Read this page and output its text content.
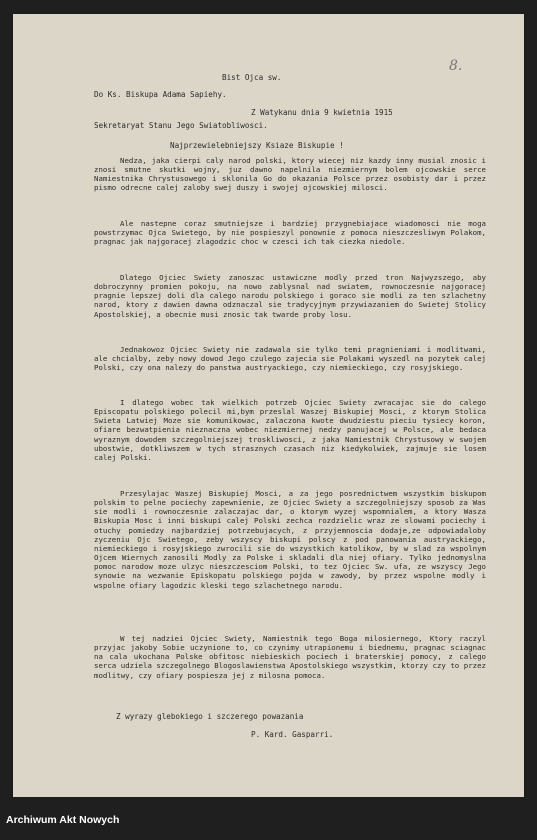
8.
Bist Ojca sw.
Do Ks. Biskupa Adama Sapiehy.
Z Watykanu dnia 9 kwietnia 1915
Sekretaryat Stanu Jego Swiatobliwosci.
Najprzewielebniejszy Ksiaze Biskupie !
Nedza, jaka cierpi caly narod polski, ktory wiecej niz kazdy inny musial znosic i znosi smutne skutki wojny, juz dawno napelnila niezmiernym bolem ojcowskie serce Namiestnika Chrystusowego i sklonila Go do okazania Polsce przez osobisty dar i przez pismo odrecne calej zaloby swej duszy i swojej ojcowskiej milosci.
Ale nastepne coraz smutniejsze i bardziej przygnebiajace wiadomosci nie moga powstrzymac Ojca Swietego, by nie pospieszyl ponownie z pomoca nieszczesliwym Polakom, pragnac jak najgoracej zlagodzic choc w czesci ich tak ciezka niedole.
Dlatego Ojciec Swiety zanoszac ustawiczne modly przed tron Najwyzszego, aby dobroczynny promien pokoju, na nowo zablysnal nad swiatem, rownoczesnie najgoracej pragnie lepszej doli dla calego narodu polskiego i goraco sie modli za ten szlachetny narod, ktory z dawien dawna odznaczal sie tradycyjnym przywiazaniem do Swietej Stolicy Apostolskiej, a obecnie musi znosic tak twarde proby losu.
Jednakowoz Ojciec Swiety nie zadawala sie tylko temi pragnieniami i modlitwami, ale chcialby, zeby nowy dowod Jego czulego zajecia sie Polakami wyszedl na pozytek calej Polski, czy ona nalezy do panstwa austryackiego, czy niemieckiego, czy rosyjskiego.
I dlatego wobec tak wielkich potrzeb Ojciec Swiety zwracajac sie do calego Episcopatu polskiego polecil mi,bym przeslal Waszej Biskupiej Mosci, z ktorym Stolica Swieta Latwiej Moze sie komunikowac, zalaczona kwote dwudziestu pieciu tysiecy koron, ofiare bezwatpienia nieznaczna wobec niezmiernej nedzy panujacej w Polsce, ale bedaca wyraznym dowodem szczegolniejszej troskliwosci, z jaka Namiestnik Chrystusowy w swojem ubostwie, dotkliwszem w tych strasznych czasach niz kiedykolwiek, zajmuje sie losem calej Polski.
Przesylajac Waszej Biskupiej Mosci, a za jego posrednictwem wszystkim biskupom polskim to pelne pociechy zapewnienie, ze Ojciec Swiety a szczegolniejszy sposob za Was sie modli i rownoczesnie zalaczajac dar, o ktorym wyzej wspomnialem, a ktory Wasza Biskupia Mosc i inni biskupi calej Polski zechca rozdzielic wraz ze slowami pociechy i otuchy pomiedzy najbardziej potrzebujacych, z przyjemnoscia dodaje,ze odpowiadaloby zyczeniu Ojc Swietego, zeby wszyscy biskupi polscy z pod panowania austryackiego, niemieckiego i rosyjskiego zwrocili sie do wszystkich katolikow, by w slad za wspolnym Ojcem Wiernych zanosili Modly za Polske i skladali dla niej ofiary. Tylko jednomyslna pomoc narodow moze ulzyc nieszczesciom Polski, to tez Ojciec Sw. ufa, ze wszyscy Jego synowie na wezwanie Episkopatu polskiego pojda w zawody, by przez wspolne modly i wspolne ofiary lagodzic kleski tego szlachetnego narodu.
W tej nadziei Ojciec Swiety, Namiestnik tego Boga milosiernego, Ktory raczyl przyjac jakoby Sobie uczynione to, co czynimy utrapionemu i biednemu, pragnac sciagnac na cala ukochana Polske obfitosc niebieskich pociech i braterskiej pomocy, z calego serca udziela szczegolnego Blogoslawienstwa Apostolskiego wszystkim, ktorzy czy to przez modlitwy, czy ofiary pospiesza jej z milosna pomoca.
Z wyrazy glebokiego i szczerego powazania
P. Kard. Gasparri.
Archiwum Akt Nowych
